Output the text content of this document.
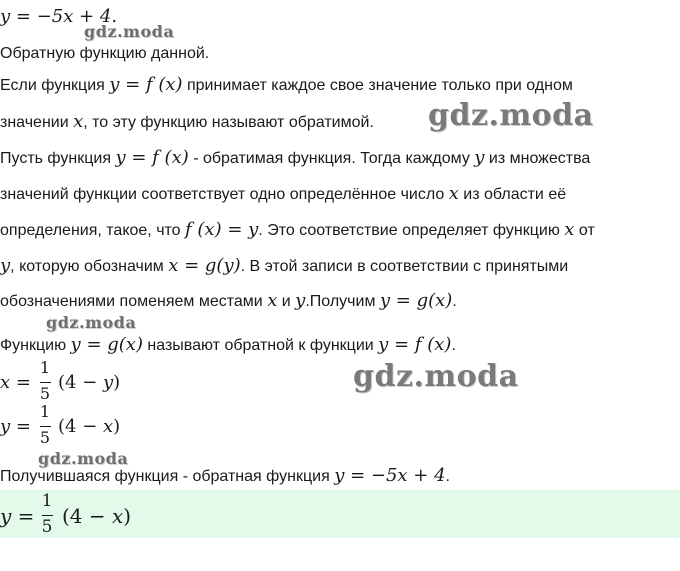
y = −5x + 4.
Обратную функцию данной.
Если функция y = f (x) принимает каждое свое значение только при одном
значении x, то эту функцию называют обратимой.
Пусть функция y = f (x) - обратимая функция. Тогда каждому y из множества
значений функции соответствует одно определённое число x из области её
определения, такое, что f (x) = y. Это соответствие определяет функцию x от
y, которую обозначим x = g(y). В этой записи в соответствии с принятыми
обозначениями поменяем местами x и y.Получим y = g(x).
Функцию y = g(x) называют обратной к функции y = f (x).
x =
1
5
(4 − y)
y =
1
5
(4 − x)
Получившаяся функция - обратная функция y = −5x + 4.
y =
1
5 (4 − x)
gdz.moda
gdz.moda
gdz.moda
gdz.moda
gdz.moda
